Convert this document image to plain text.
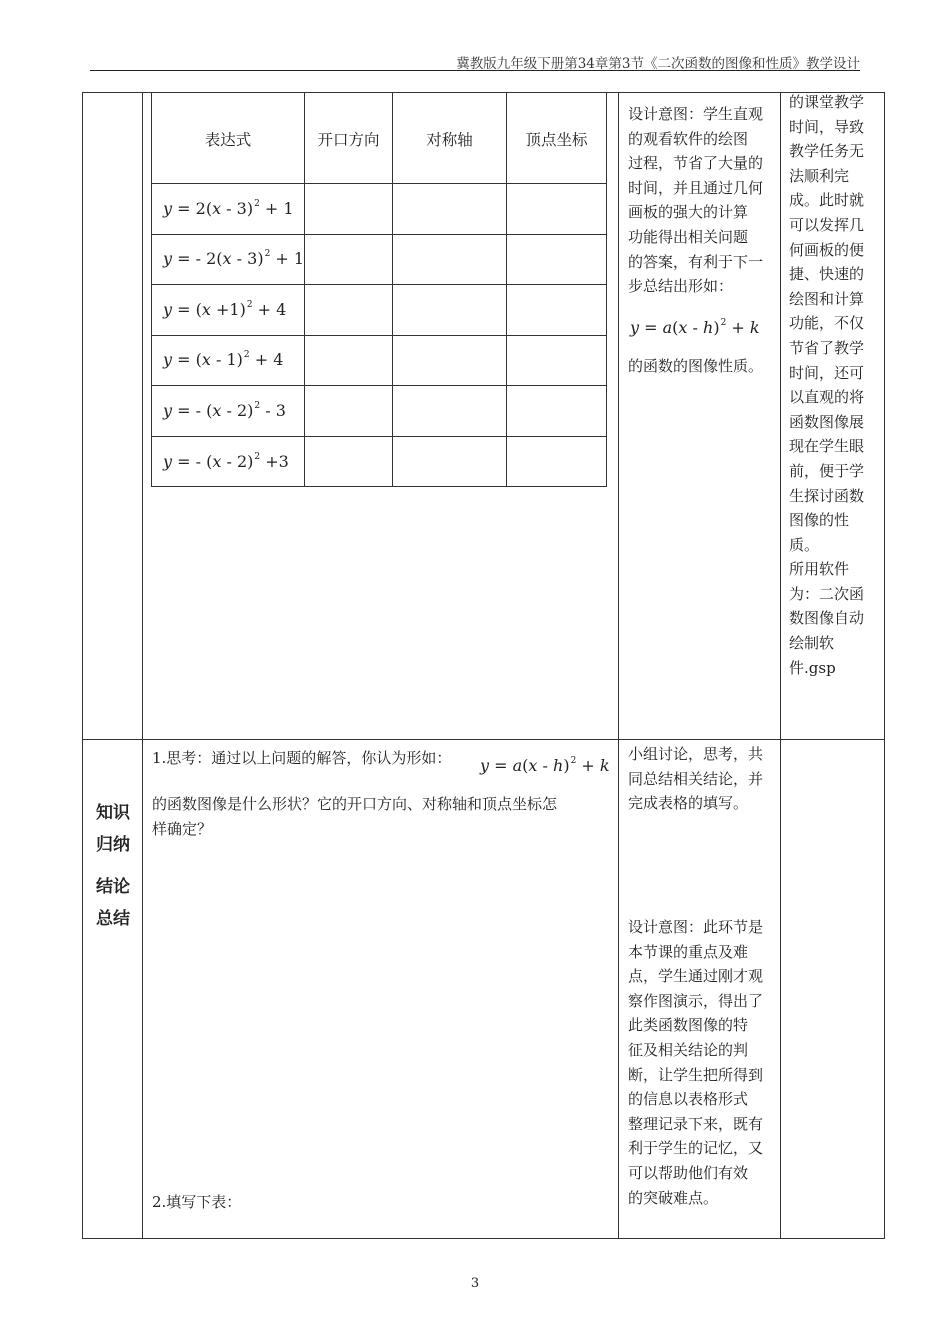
冀教版九年级下册第34章第3节《二次函数的图像和性质》教学设计
表达式	开口方向	对称轴	顶点坐标
y = 2(x - 3)$^2$ + 1
y = - 2(x - 3)$^2$ + 1
$y = (x +1)^2 + 4$
y = (x - 1)$^2$ + 4
y = - (x - 2)$^2$ - 3
y = - (x - 2)$^2$ +3
设计意图：学生直观
的观看软件的绘图
过程，节省了大量的
时间，并且通过几何
画板的强大的计算
功能得出相关问题
的答案，有利于下一
步总结出形如：
y = a(x - h)$^2$ + k
的函数的图像性质。
的课堂教学
时间，导致
教学任务无
法顺利完
成。此时就
可以发挥几
何画板的便
捷、快速的
绘图和计算
功能，不仅
节省了教学
时间，还可
以直观的将
函数图像展
现在学生眼
前，便于学
生探讨函数
图像的性
质。
所用软件
为：二次函
数图像自动
绘制软
件.gsp
知识
归纳
结论
总结
1.思考：通过以上问题的解答，你认为形如： y = a(x - h)$^2$ + k
的函数图像是什么形状？它的开口方向、对称轴和顶点坐标怎
样确定？
2.填写下表：
小组讨论，思考，共
同总结相关结论，并
完成表格的填写。
设计意图：此环节是
本节课的重点及难
点，学生通过刚才观
察作图演示，得出了
此类函数图像的特
征及相关结论的判
断，让学生把所得到
的信息以表格形式
整理记录下来，既有
利于学生的记忆，又
可以帮助他们有效
的突破难点。
3
